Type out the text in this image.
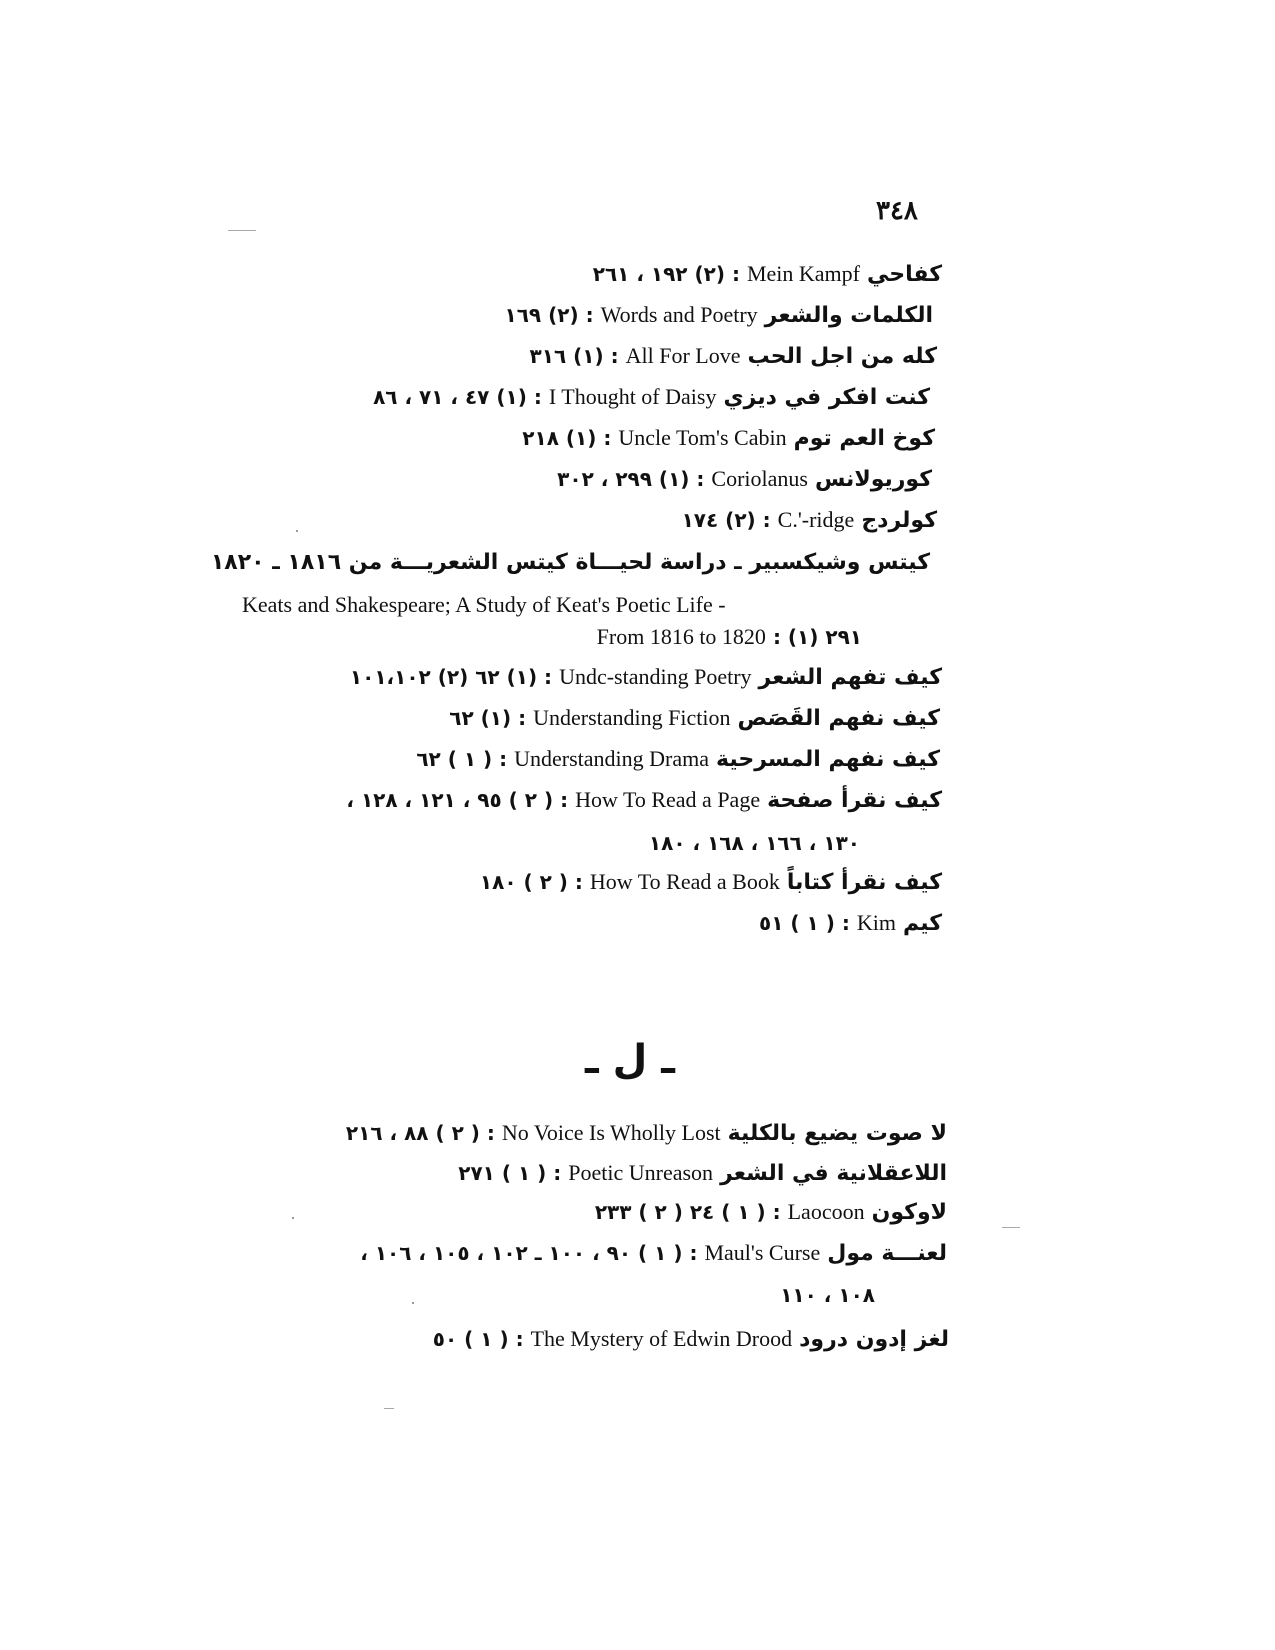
٣٤٨
كفاحي Mein Kampf : (٢) ١٩٢ ، ٢٦١
الكلمات والشعر Words and Poetry : (٢) ١٦٩
كله من اجل الحب All For Love : (١) ٣١٦
كنت افكر في ديزي I Thought of Daisy : (١) ٤٧ ، ٧١ ، ٨٦
كوخ العم توم Uncle Tom's Cabin : (١) ٢١٨
كوريولانس Coriolanus : (١) ٢٩٩ ، ٣٠٢
كولردج C.'-ridge : (٢) ١٧٤
كيتس وشيكسبير ـ دراسة لحيـــاة كيتس الشعريـــة من ١٨١٦ ـ ١٨٢٠
Keats and Shakespeare; A Study of Keat's Poetic Life -
From 1816 to 1820 : (١) ٢٩١
كيف تفهم الشعر Undc-standing Poetry : (١) ٦٢ (٢) ١٠١،١٠٢
كيف نفهم القَصَص Understanding Fiction : (١) ٦٢
كيف نفهم المسرحية Understanding Drama : ( ١ ) ٦٢
كيف نقرأ صفحة How To Read a Page : ( ٢ ) ٩٥ ، ١٢١ ، ١٢٨ ،
١٣٠ ، ١٦٦ ، ١٦٨ ، ١٨٠
كيف نقرأ كتاباً How To Read a Book : ( ٢ ) ١٨٠
كيم Kim : ( ١ ) ٥١
ـ ل ـ
لا صوت يضيع بالكلية No Voice Is Wholly Lost : ( ٢ ) ٨٨ ، ٢١٦
اللاعقلانية في الشعر Poetic Unreason : ( ١ ) ٢٧١
لاوكون Laocoon : ( ١ ) ٢٤ ( ٢ ) ٢٣٣
لعنـــة مول Maul's Curse : ( ١ ) ٩٠ ، ١٠٠ ـ ١٠٢ ، ١٠٥ ، ١٠٦ ،
١٠٨ ، ١١٠
لغز إدون درود The Mystery of Edwin Drood : ( ١ ) ٥٠
